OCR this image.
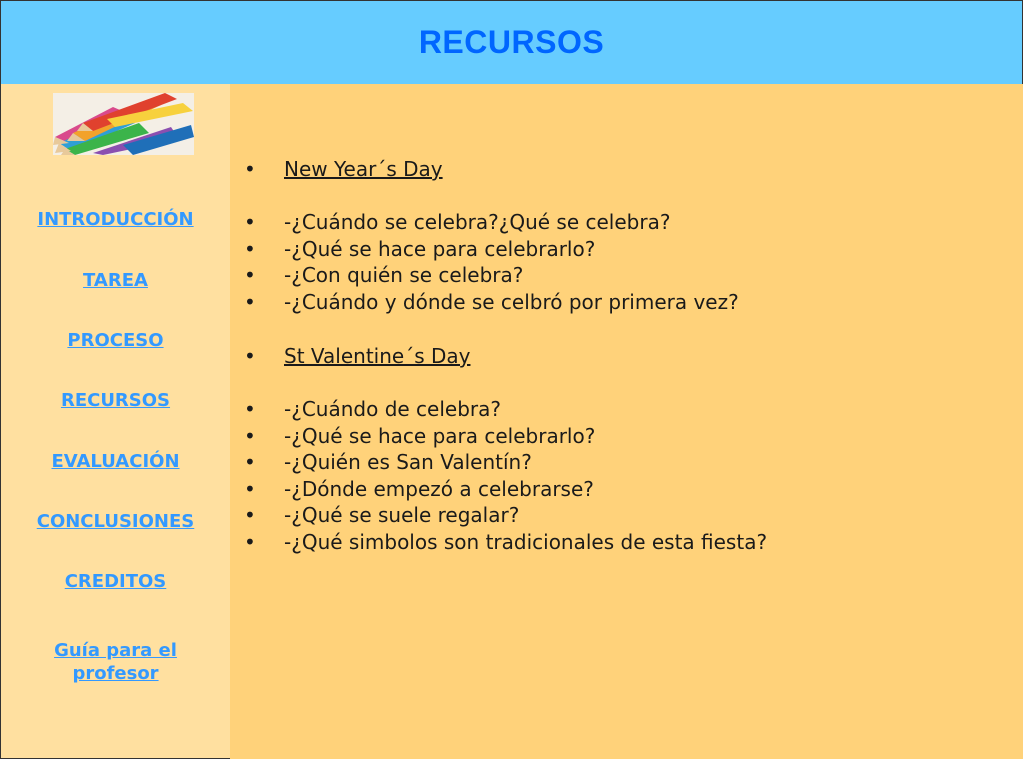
RECURSOS
INTRODUCCIÓN
TAREA
PROCESO
RECURSOS
EVALUACIÓN
CONCLUSIONES
CREDITOS
Guía para el
profesor
•	New Year´s Day
•	-¿Cuándo se celebra?¿Qué se celebra?
•	-¿Qué se hace para celebrarlo?
•	-¿Con quién se celebra?
•	-¿Cuándo y dónde se celbró por primera vez?
•	St Valentine´s Day
•	-¿Cuándo de celebra?
•	-¿Qué se hace para celebrarlo?
•	-¿Quién es San Valentín?
•	-¿Dónde empezó a celebrarse?
•	-¿Qué se suele regalar?
•	-¿Qué simbolos son tradicionales de esta fiesta?
